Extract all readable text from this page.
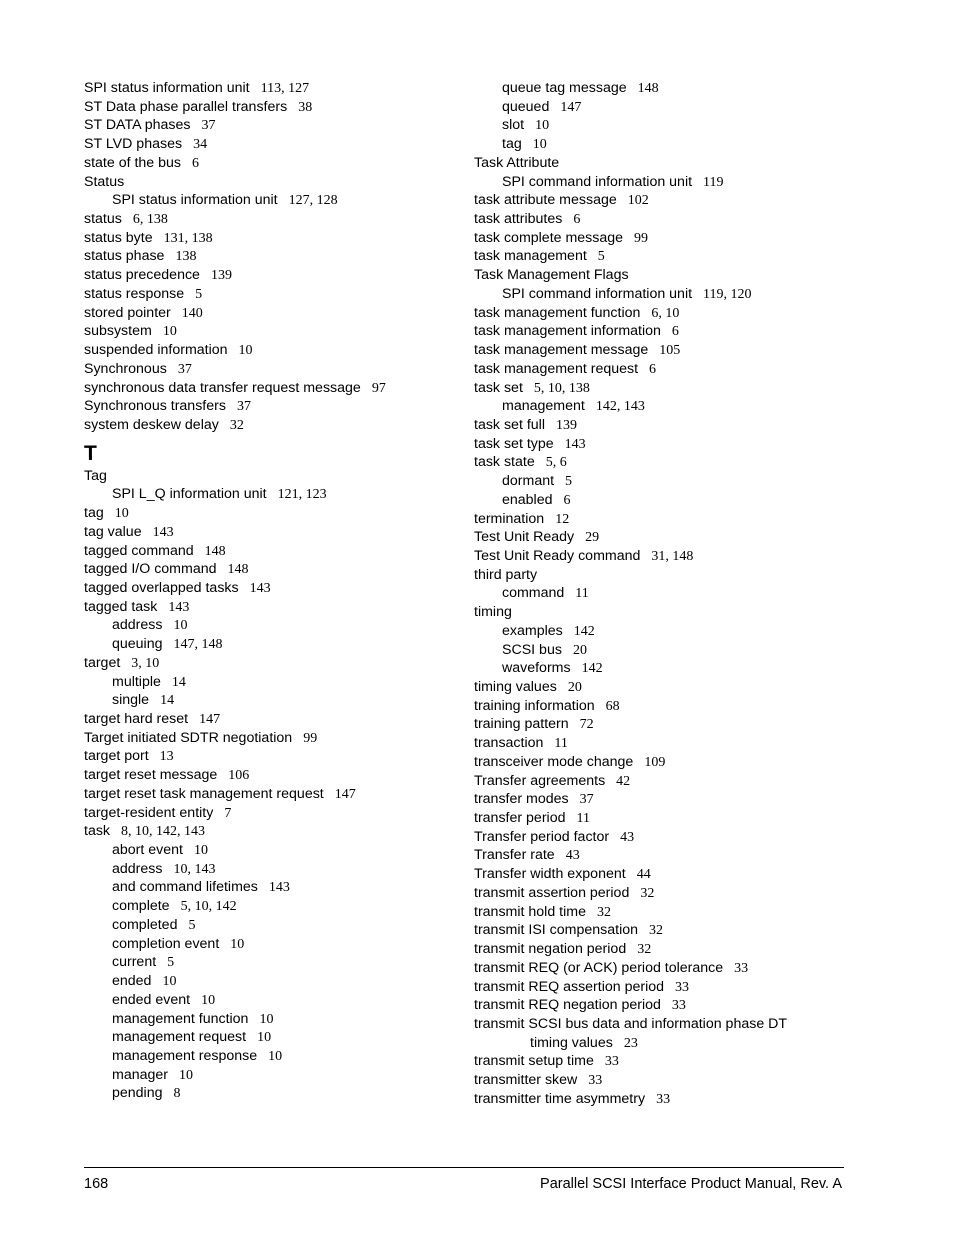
SPI status information unit 113, 127
ST Data phase parallel transfers 38
ST DATA phases 37
ST LVD phases 34
state of the bus 6
Status
SPI status information unit 127, 128
status 6, 138
status byte 131, 138
status phase 138
status precedence 139
status response 5
stored pointer 140
subsystem 10
suspended information 10
Synchronous 37
synchronous data transfer request message 97
Synchronous transfers 37
system deskew delay 32
T
Tag
SPI L_Q information unit 121, 123
tag 10
tag value 143
tagged command 148
tagged I/O command 148
tagged overlapped tasks 143
tagged task 143
address 10
queuing 147, 148
target 3, 10
multiple 14
single 14
target hard reset 147
Target initiated SDTR negotiation 99
target port 13
target reset message 106
target reset task management request 147
target-resident entity 7
task 8, 10, 142, 143
abort event 10
address 10, 143
and command lifetimes 143
complete 5, 10, 142
completed 5
completion event 10
current 5
ended 10
ended event 10
management function 10
management request 10
management response 10
manager 10
pending 8
queue tag message 148
queued 147
slot 10
tag 10
Task Attribute
SPI command information unit 119
task attribute message 102
task attributes 6
task complete message 99
task management 5
Task Management Flags
SPI command information unit 119, 120
task management function 6, 10
task management information 6
task management message 105
task management request 6
task set 5, 10, 138
management 142, 143
task set full 139
task set type 143
task state 5, 6
dormant 5
enabled 6
termination 12
Test Unit Ready 29
Test Unit Ready command 31, 148
third party
command 11
timing
examples 142
SCSI bus 20
waveforms 142
timing values 20
training information 68
training pattern 72
transaction 11
transceiver mode change 109
Transfer agreements 42
transfer modes 37
transfer period 11
Transfer period factor 43
Transfer rate 43
Transfer width exponent 44
transmit assertion period 32
transmit hold time 32
transmit ISI compensation 32
transmit negation period 32
transmit REQ (or ACK) period tolerance 33
transmit REQ assertion period 33
transmit REQ negation period 33
transmit SCSI bus data and information phase DT
timing values 23
transmit setup time 33
transmitter skew 33
transmitter time asymmetry 33
168	Parallel SCSI Interface Product Manual, Rev. A
